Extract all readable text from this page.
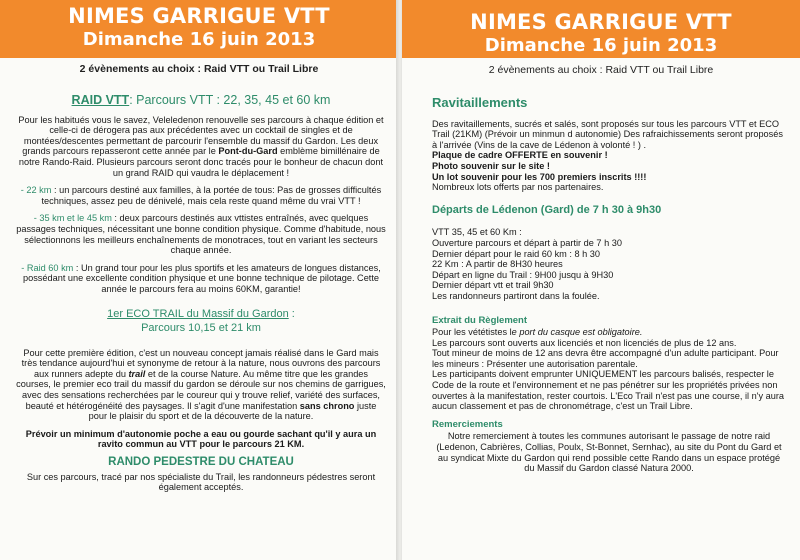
NIMES GARRIGUE VTT
Dimanche 16 juin 2013
2 évènements au choix : Raid VTT ou Trail Libre
RAID VTT: Parcours VTT : 22, 35, 45 et 60 km

Pour les habitués vous le savez, Veleledenon renouvelle ses parcours à chaque édition et celle-ci de dérogera pas aux précédentes avec un cocktail de singles et de montées/descentes permettant de parcourir l'ensemble du massif du Gardon. Les deux grands parcours repasseront cette année par le Pont-du-Gard emblème bimillénaire de notre Rando-Raid. Plusieurs parcours seront donc tracés pour le bonheur de chacun dont un grand RAID qui vaudra le déplacement !

- 22 km : un parcours destiné aux familles, à la portée de tous: Pas de grosses difficultés techniques, assez peu de dénivelé, mais cela reste quand même du vrai VTT !

- 35 km et le 45 km : deux parcours destinés aux vttistes entraînés, avec quelques passages techniques, nécessitant une bonne condition physique. Comme d'habitude, nous sélectionnons les meilleurs enchaînements de monotraces, tout en variant les secteurs chaque année.

- Raid 60 km : Un grand tour pour les plus sportifs et les amateurs de longues distances, possédant une excellente condition physique et une bonne technique de pilotage. Cette année le parcours fera au moins 60KM, garantie!

1er ECO TRAIL du Massif du Gardon :
Parcours 10,15 et 21 km

Pour cette première édition, c'est un nouveau concept jamais réalisé dans le Gard mais très tendance aujourd'hui et synonyme de retour à la nature, nous ouvrons des parcours aux runners adepte du trail et de la course Nature. Au même titre que les grandes courses, le premier eco trail du massif du gardon se déroule sur nos chemins de garrigues, avec des sensations recherchées par le coureur qui y trouve relief, variété des surfaces, beauté et hétérogénéité des paysages. Il s'agit d'une manifestation sans chrono juste pour le plaisir du sport et de la découverte de la nature.

Prévoir un minimum d'autonomie poche a eau ou gourde sachant qu'il y aura un ravito commun au VTT pour le parcours 21 KM.

RANDO PEDESTRE DU CHATEAU

Sur ces parcours, tracé par nos spécialiste du Trail, les randonneurs pédestres seront également acceptés.

NIMES GARRIGUE VTT
Dimanche 16 juin 2013
2 évènements au choix : Raid VTT ou Trail Libre
Ravitaillements

Des ravitaillements, sucrés et salés, sont proposés sur tous les parcours VTT et ECO Trail (21KM) (Prévoir un minmun d autonomie) Des rafraichissements seront proposés à l'arrivée (Vins de la cave de Lédenon à volonté ! ) .

Plaque de cadre OFFERTE en souvenir !
Photo souvenir sur le site !
Un lot souvenir pour les 700 premiers inscrits !!!!
Nombreux lots offerts par nos partenaires.
Départs de Lédenon (Gard) de 7 h 30 à 9h30
VTT 35, 45 et 60 Km :
Ouverture parcours et départ à partir de 7 h 30
Dernier départ pour le raid 60 km : 8 h 30
22 Km : A partir de 8H30 heures
Départ en ligne du Trail : 9H00 jusqu à 9H30
Dernier départ vtt et trail 9h30
Les randonneurs partiront dans la foulée.
Extrait du Règlement
Pour les vététistes le port du casque est obligatoire.
Les parcours sont ouverts aux licenciés et non licenciés de plus de 12 ans.
Tout mineur de moins de 12 ans devra être accompagné d'un adulte participant. Pour les mineurs : Présenter une autorisation parentale.
Les participants doivent emprunter UNIQUEMENT les parcours balisés, respecter le Code de la route et l'environnement et ne pas pénétrer sur les propriétés privées non ouvertes à la manifestation, rester courtois. L'Eco Trail n'est pas une course, il n'y aura aucun classement et pas de chronométrage, c'est un Trail Libre.
Remerciements
Notre remerciement à toutes les communes autorisant le passage de notre raid (Ledenon, Cabrières, Collias, Poulx, St-Bonnet, Sernhac), au site du Pont du Gard et au syndicat Mixte du Gardon qui rend possible cette Rando dans un espace protégé du Massif du Gardon classé Natura 2000.
